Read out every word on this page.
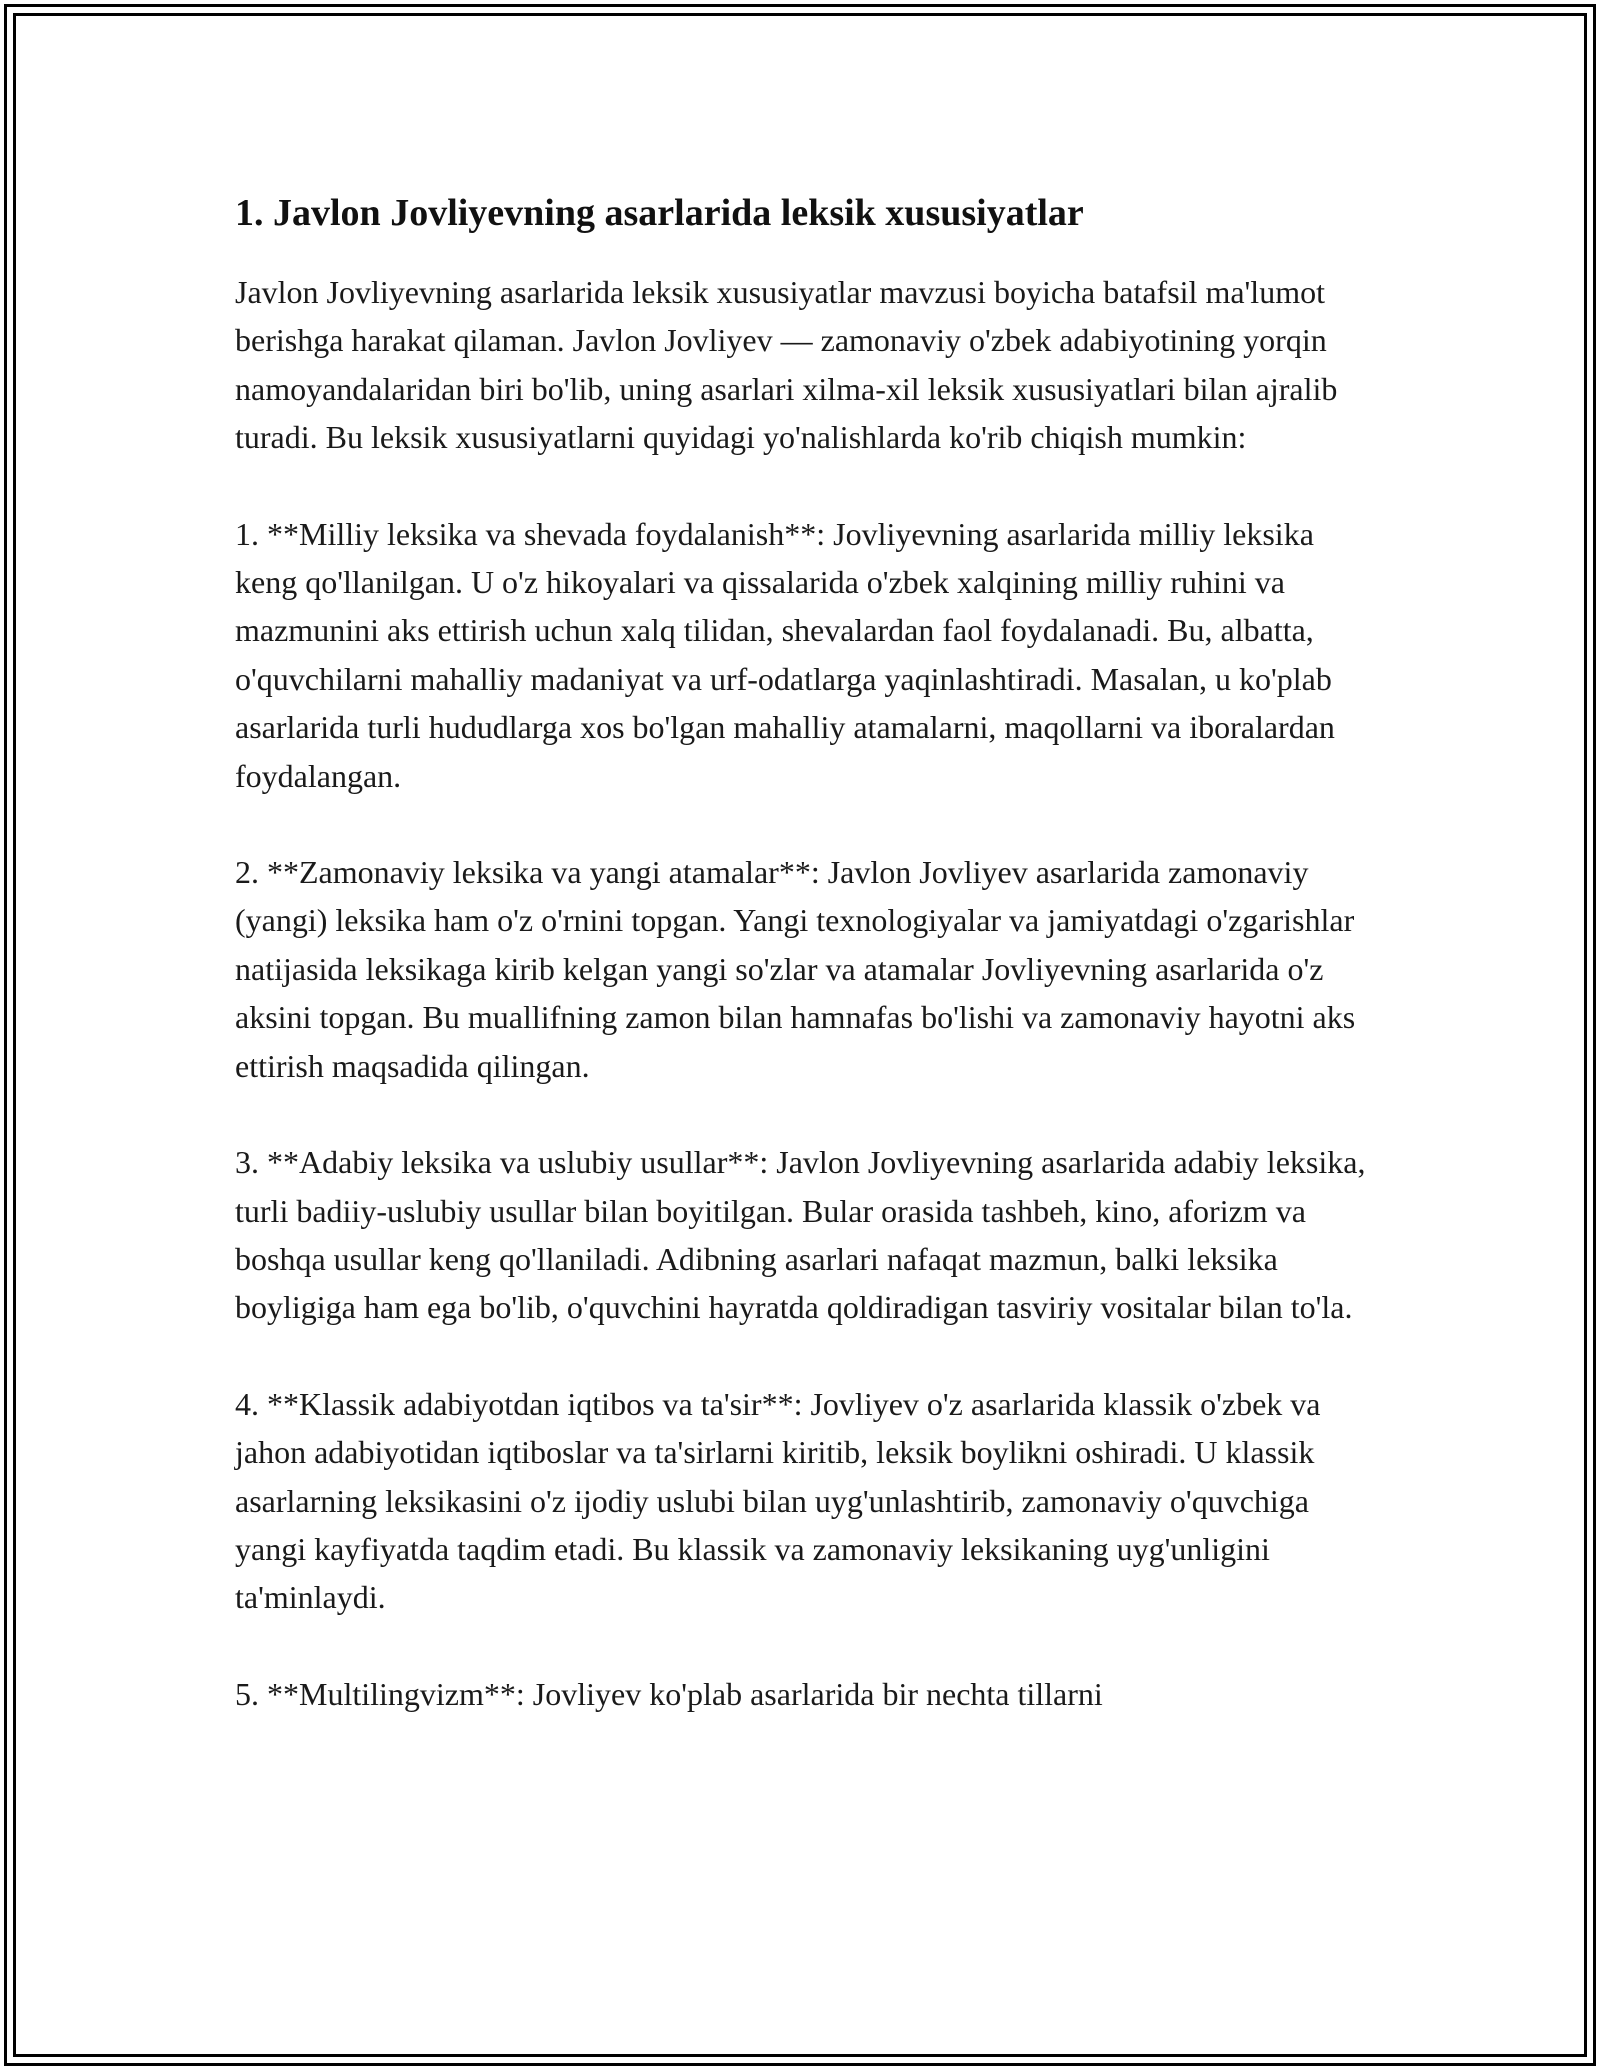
1. Javlon Jovliyevning asarlarida leksik xususiyatlar

Javlon Jovliyevning asarlarida leksik xususiyatlar mavzusi boyicha batafsil ma'lumot berishga harakat qilaman. Javlon Jovliyev — zamonaviy o'zbek adabiyotining yorqin namoyandalaridan biri bo'lib, uning asarlari xilma-xil leksik xususiyatlari bilan ajralib turadi. Bu leksik xususiyatlarni quyidagi yo'nalishlarda ko'rib chiqish mumkin:

1. **Milliy leksika va shevada foydalanish**: Jovliyevning asarlarida milliy leksika keng qo'llanilgan. U o'z hikoyalari va qissalarida o'zbek xalqining milliy ruhini va mazmunini aks ettirish uchun xalq tilidan, shevalardan faol foydalanadi. Bu, albatta, o'quvchilarni mahalliy madaniyat va urf-odatlarga yaqinlashtiradi. Masalan, u ko'plab asarlarida turli hududlarga xos bo'lgan mahalliy atamalarni, maqollarni va iboralardan foydalangan.

2. **Zamonaviy leksika va yangi atamalar**: Javlon Jovliyev asarlarida zamonaviy (yangi) leksika ham o'z o'rnini topgan. Yangi texnologiyalar va jamiyatdagi o'zgarishlar natijasida leksikaga kirib kelgan yangi so'zlar va atamalar Jovliyevning asarlarida o'z aksini topgan. Bu muallifning zamon bilan hamnafas bo'lishi va zamonaviy hayotni aks ettirish maqsadida qilingan.

3. **Adabiy leksika va uslubiy usullar**: Javlon Jovliyevning asarlarida adabiy leksika, turli badiiy-uslubiy usullar bilan boyitilgan. Bular orasida tashbeh, kino, aforizm va boshqa usullar keng qo'llaniladi. Adibning asarlari nafaqat mazmun, balki leksika boyligiga ham ega bo'lib, o'quvchini hayratda qoldiradigan tasviriy vositalar bilan to'la.

4. **Klassik adabiyotdan iqtibos va ta'sir**: Jovliyev o'z asarlarida klassik o'zbek va jahon adabiyotidan iqtiboslar va ta'sirlarni kiritib, leksik boylikni oshiradi. U klassik asarlarning leksikasini o'z ijodiy uslubi bilan uyg'unlashtirib, zamonaviy o'quvchiga yangi kayfiyatda taqdim etadi. Bu klassik va zamonaviy leksikaning uyg'unligini ta'minlaydi.

5. **Multilingvizm**: Jovliyev ko'plab asarlarida bir nechta tillarni
